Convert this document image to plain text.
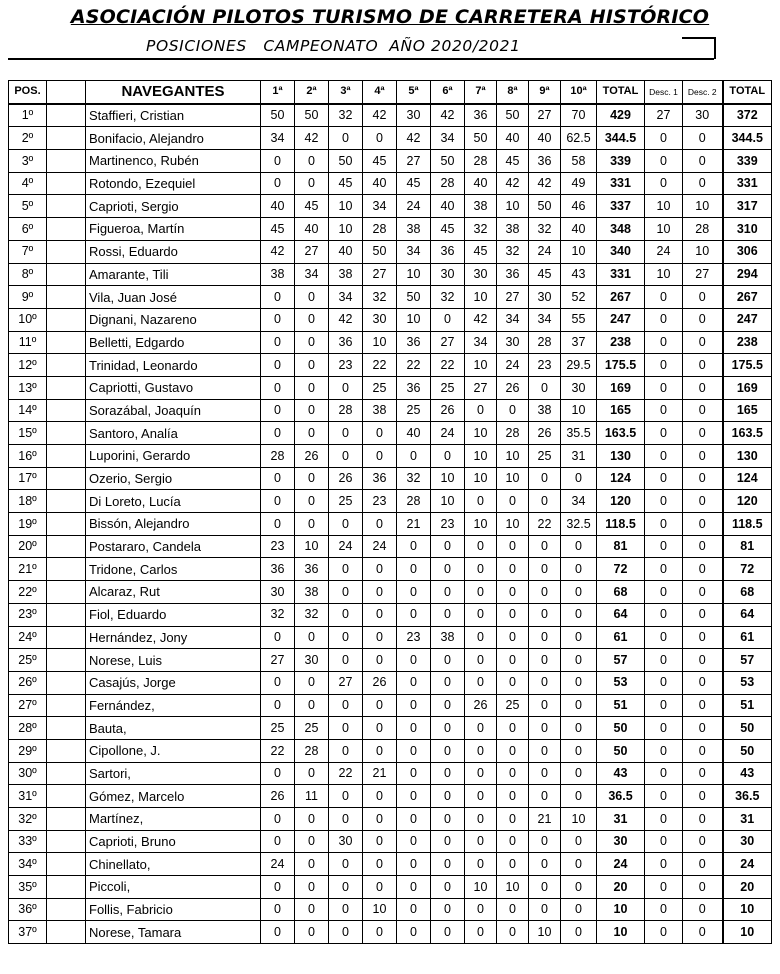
ASOCIACIÓN PILOTOS TURISMO DE CARRETERA HISTÓRICO
POSICIONES   CAMPEONATO  AÑO 2020/2021
POS.		NAVEGANTES	1ª	2ª	3ª	4ª	5ª	6ª	7ª	8ª	9ª	10ª	TOTAL	Desc. 1	Desc. 2	TOTAL
1º		Staffieri, Cristian	50	50	32	42	30	42	36	50	27	70	429	27	30	372
2º		Bonifacio, Alejandro	34	42	0	0	42	34	50	40	40	62.5	344.5	0	0	344.5
3º		Martinenco, Rubén	0	0	50	45	27	50	28	45	36	58	339	0	0	339
4º		Rotondo, Ezequiel	0	0	45	40	45	28	40	42	42	49	331	0	0	331
5º		Caprioti, Sergio	40	45	10	34	24	40	38	10	50	46	337	10	10	317
6º		Figueroa, Martín	45	40	10	28	38	45	32	38	32	40	348	10	28	310
7º		Rossi, Eduardo	42	27	40	50	34	36	45	32	24	10	340	24	10	306
8º		Amarante, Tili	38	34	38	27	10	30	30	36	45	43	331	10	27	294
9º		Vila, Juan José	0	0	34	32	50	32	10	27	30	52	267	0	0	267
10º		Dignani, Nazareno	0	0	42	30	10	0	42	34	34	55	247	0	0	247
11º		Belletti, Edgardo	0	0	36	10	36	27	34	30	28	37	238	0	0	238
12º		Trinidad, Leonardo	0	0	23	22	22	22	10	24	23	29.5	175.5	0	0	175.5
13º		Capriotti, Gustavo	0	0	0	25	36	25	27	26	0	30	169	0	0	169
14º		Sorazábal, Joaquín	0	0	28	38	25	26	0	0	38	10	165	0	0	165
15º		Santoro, Analía	0	0	0	0	40	24	10	28	26	35.5	163.5	0	0	163.5
16º		Luporini, Gerardo	28	26	0	0	0	0	10	10	25	31	130	0	0	130
17º		Ozerio, Sergio	0	0	26	36	32	10	10	10	0	0	124	0	0	124
18º		Di Loreto, Lucía	0	0	25	23	28	10	0	0	0	34	120	0	0	120
19º		Bissón, Alejandro	0	0	0	0	21	23	10	10	22	32.5	118.5	0	0	118.5
20º		Postararo, Candela	23	10	24	24	0	0	0	0	0	0	81	0	0	81
21º		Tridone, Carlos	36	36	0	0	0	0	0	0	0	0	72	0	0	72
22º		Alcaraz, Rut	30	38	0	0	0	0	0	0	0	0	68	0	0	68
23º		Fiol, Eduardo	32	32	0	0	0	0	0	0	0	0	64	0	0	64
24º		Hernández, Jony	0	0	0	0	23	38	0	0	0	0	61	0	0	61
25º		Norese, Luis	27	30	0	0	0	0	0	0	0	0	57	0	0	57
26º		Casajús, Jorge	0	0	27	26	0	0	0	0	0	0	53	0	0	53
27º		Fernández,	0	0	0	0	0	0	26	25	0	0	51	0	0	51
28º		Bauta,	25	25	0	0	0	0	0	0	0	0	50	0	0	50
29º		Cipollone, J.	22	28	0	0	0	0	0	0	0	0	50	0	0	50
30º		Sartori,	0	0	22	21	0	0	0	0	0	0	43	0	0	43
31º		Gómez, Marcelo	26	11	0	0	0	0	0	0	0	0	36.5	0	0	36.5
32º		Martínez,	0	0	0	0	0	0	0	0	21	10	31	0	0	31
33º		Caprioti, Bruno	0	0	30	0	0	0	0	0	0	0	30	0	0	30
34º		Chinellato,	24	0	0	0	0	0	0	0	0	0	24	0	0	24
35º		Piccoli,	0	0	0	0	0	0	10	10	0	0	20	0	0	20
36º		Follis, Fabricio	0	0	0	10	0	0	0	0	0	0	10	0	0	10
37º		Norese, Tamara	0	0	0	0	0	0	0	0	10	0	10	0	0	10
